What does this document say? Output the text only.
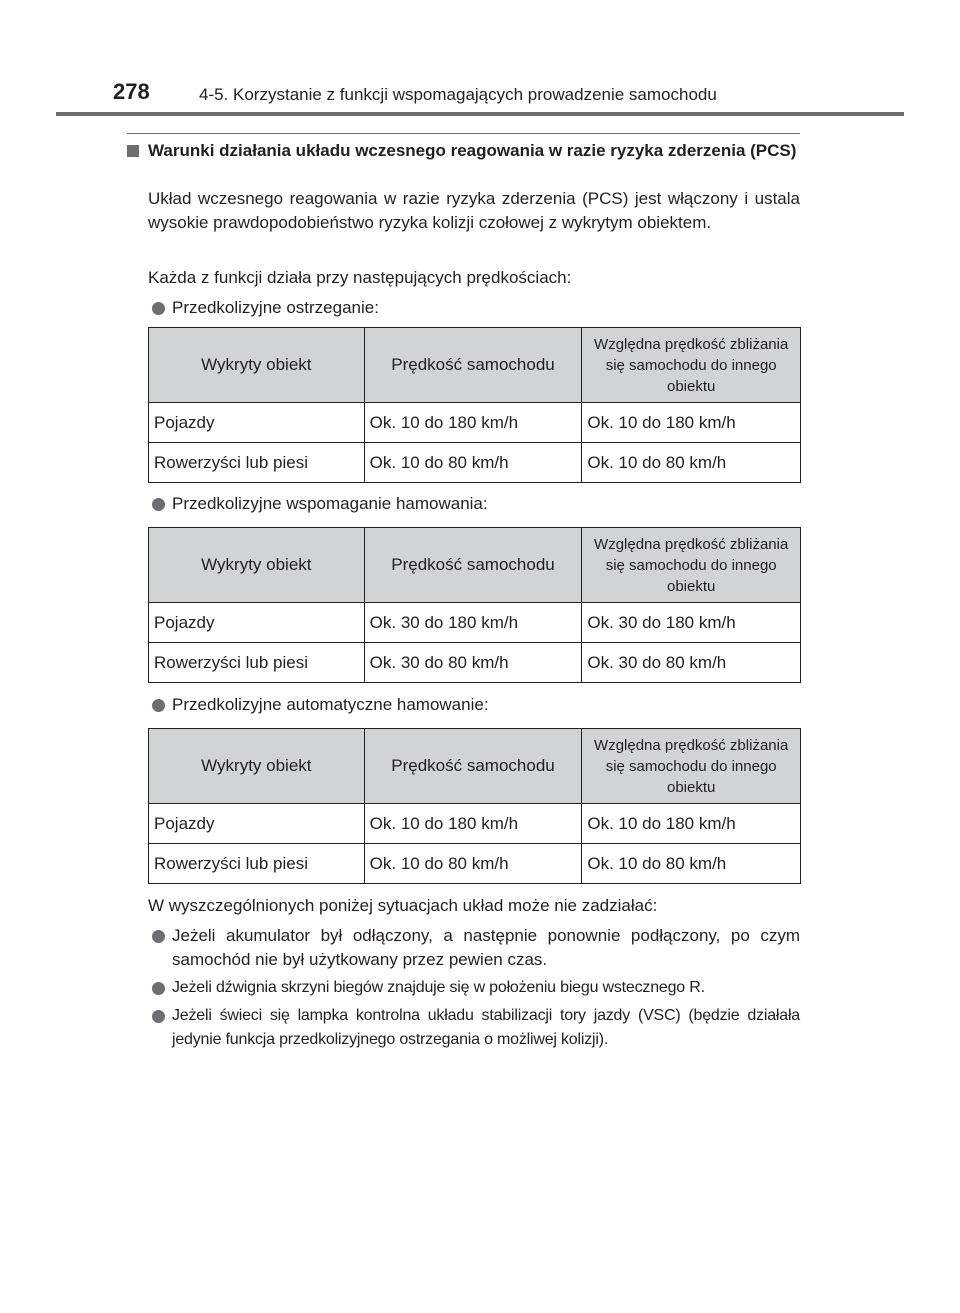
278	4-5. Korzystanie z funkcji wspomagających prowadzenie samochodu
Warunki działania układu wczesnego reagowania w razie ryzyka zderzenia (PCS)
Układ wczesnego reagowania w razie ryzyka zderzenia (PCS) jest włączony i ustala wysokie prawdopodobieństwo ryzyka kolizji czołowej z wykrytym obiektem.
Każda z funkcji działa przy następujących prędkościach:
Przedkolizyjne ostrzeganie:
Wykryty obiekt	Prędkość samochodu	Względna prędkość zbliżania się samochodu do innego obiektu
Pojazdy	Ok. 10 do 180 km/h	Ok. 10 do 180 km/h
Rowerzyści lub piesi	Ok. 10 do 80 km/h	Ok. 10 do 80 km/h
Przedkolizyjne wspomaganie hamowania:
Wykryty obiekt	Prędkość samochodu	Względna prędkość zbliżania się samochodu do innego obiektu
Pojazdy	Ok. 30 do 180 km/h	Ok. 30 do 180 km/h
Rowerzyści lub piesi	Ok. 30 do 80 km/h	Ok. 30 do 80 km/h
Przedkolizyjne automatyczne hamowanie:
Wykryty obiekt	Prędkość samochodu	Względna prędkość zbliżania się samochodu do innego obiektu
Pojazdy	Ok. 10 do 180 km/h	Ok. 10 do 180 km/h
Rowerzyści lub piesi	Ok. 10 do 80 km/h	Ok. 10 do 80 km/h
W wyszczególnionych poniżej sytuacjach układ może nie zadziałać:
Jeżeli akumulator był odłączony, a następnie ponownie podłączony, po czym samochód nie był użytkowany przez pewien czas.
Jeżeli dźwignia skrzyni biegów znajduje się w położeniu biegu wstecznego R.
Jeżeli świeci się lampka kontrolna układu stabilizacji tory jazdy (VSC) (będzie działała jedynie funkcja przedkolizyjnego ostrzegania o możliwej kolizji).
